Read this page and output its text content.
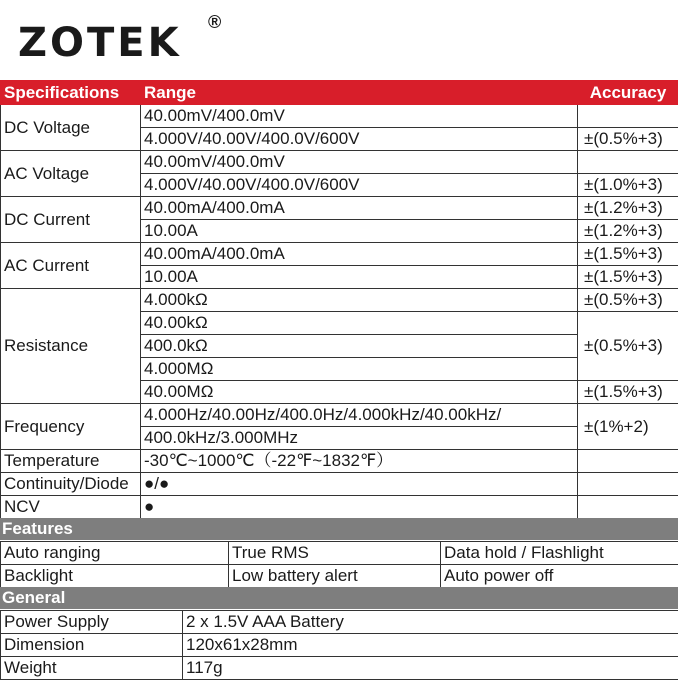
ZOTEK ®
Specifications	Range	Accuracy
DC Voltage	40.00mV/400.0mV	
	4.000V/40.00V/400.0V/600V	±(0.5%+3)
AC Voltage	40.00mV/400.0mV	
	4.000V/40.00V/400.0V/600V	±(1.0%+3)
DC Current	40.00mA/400.0mA	±(1.2%+3)
	10.00A	±(1.2%+3)
AC Current	40.00mA/400.0mA	±(1.5%+3)
	10.00A	±(1.5%+3)
Resistance	4.000kΩ	±(0.5%+3)
	40.00kΩ	±(0.5%+3)
	400.0kΩ	
	4.000MΩ	
	40.00MΩ	±(1.5%+3)
Frequency	4.000Hz/40.00Hz/400.0Hz/4.000kHz/40.00kHz/	±(1%+2)
	400.0kHz/3.000MHz	
Temperature	-30℃~1000℃（-22℉~1832℉）	
Continuity/Diode	●/●	
NCV	●	
Features
Auto ranging	True RMS	Data hold / Flashlight
Backlight	Low battery alert	Auto power off
General
Power Supply	2 x 1.5V AAA Battery
Dimension	120x61x28mm
Weight	117g
